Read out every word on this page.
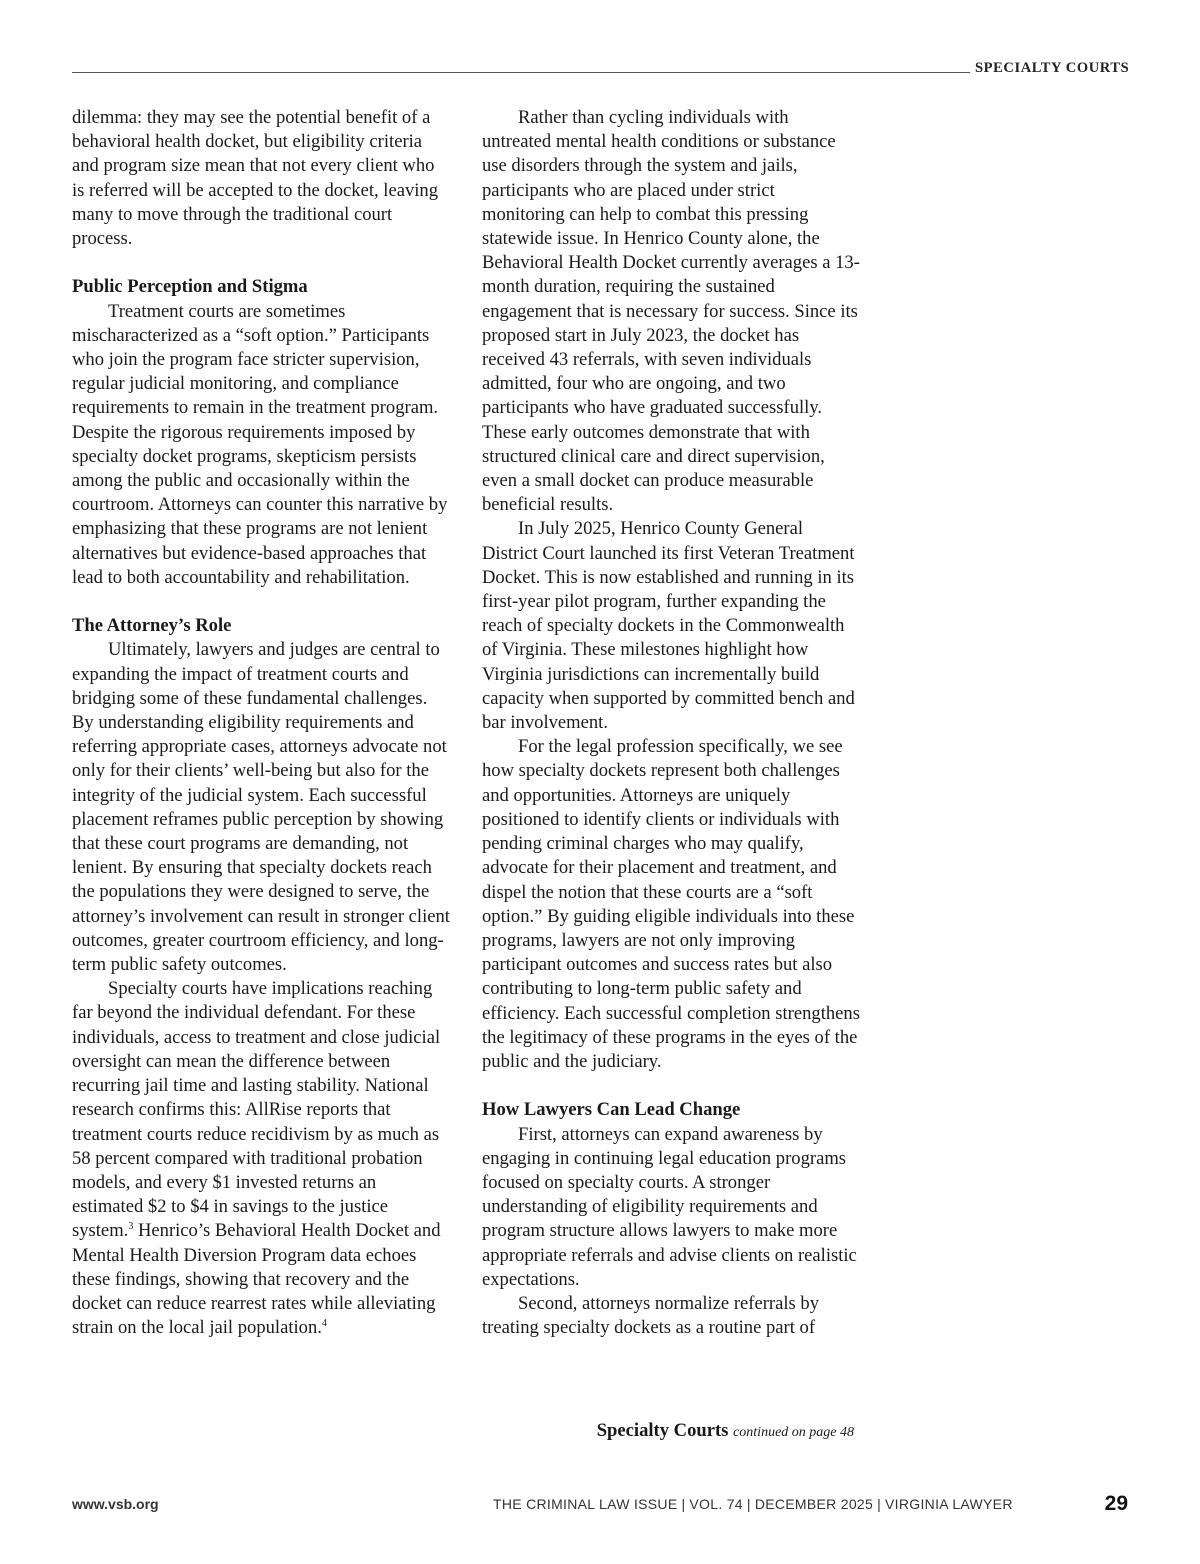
SPECIALTY COURTS

dilemma: they may see the potential benefit of a behavioral health docket, but eligibility criteria and program size mean that not every client who is referred will be accepted to the docket, leaving many to move through the traditional court process.

Public Perception and Stigma

Treatment courts are sometimes mischaracterized as a “soft option.” Participants who join the program face stricter supervision, regular judicial monitoring, and compliance requirements to remain in the treatment program. Despite the rigorous requirements imposed by specialty docket programs, skepticism persists among the public and occasionally within the courtroom. Attorneys can counter this narrative by emphasizing that these programs are not lenient alternatives but evidence-based approaches that lead to both accountability and rehabilitation.

The Attorney’s Role

Ultimately, lawyers and judges are central to expanding the impact of treatment courts and bridging some of these fundamental challenges. By understanding eligibility requirements and referring appropriate cases, attorneys advocate not only for their clients’ well-being but also for the integrity of the judicial system. Each successful placement reframes public perception by showing that these court programs are demanding, not lenient. By ensuring that specialty dockets reach the populations they were designed to serve, the attorney’s involvement can result in stronger client outcomes, greater courtroom efficiency, and long-term public safety outcomes.

Specialty courts have implications reaching far beyond the individual defendant. For these individuals, access to treatment and close judicial oversight can mean the difference between recurring jail time and lasting stability. National research confirms this: AllRise reports that treatment courts reduce recidivism by as much as 58 percent compared with traditional probation models, and every $1 invested returns an estimated $2 to $4 in savings to the justice system.$^3$ Henrico’s Behavioral Health Docket and Mental Health Diversion Program data echoes these findings, showing that recovery and the docket can reduce rearrest rates while alleviating strain on the local jail population.$^4$

Rather than cycling individuals with untreated mental health conditions or substance use disorders through the system and jails, participants who are placed under strict monitoring can help to combat this pressing statewide issue. In Henrico County alone, the Behavioral Health Docket currently averages a 13-month duration, requiring the sustained engagement that is necessary for success. Since its proposed start in July 2023, the docket has received 43 referrals, with seven individuals admitted, four who are ongoing, and two participants who have graduated successfully. These early outcomes demonstrate that with structured clinical care and direct supervision, even a small docket can produce measurable beneficial results.

In July 2025, Henrico County General District Court launched its first Veteran Treatment Docket. This is now established and running in its first-year pilot program, further expanding the reach of specialty dockets in the Commonwealth of Virginia. These milestones highlight how Virginia jurisdictions can incrementally build capacity when supported by committed bench and bar involvement.

For the legal profession specifically, we see how specialty dockets represent both challenges and opportunities. Attorneys are uniquely positioned to identify clients or individuals with pending criminal charges who may qualify, advocate for their placement and treatment, and dispel the notion that these courts are a “soft option.” By guiding eligible individuals into these programs, lawyers are not only improving participant outcomes and success rates but also contributing to long-term public safety and efficiency. Each successful completion strengthens the legitimacy of these programs in the eyes of the public and the judiciary.

How Lawyers Can Lead Change

First, attorneys can expand awareness by engaging in continuing legal education programs focused on specialty courts. A stronger understanding of eligibility requirements and program structure allows lawyers to make more appropriate referrals and advise clients on realistic expectations.

Second, attorneys normalize referrals by treating specialty dockets as a routine part of

Specialty Courts continued on page 48
www.vsb.org	THE CRIMINAL LAW ISSUE | VOL. 74 | DECEMBER 2025 | VIRGINIA LAWYER	29
